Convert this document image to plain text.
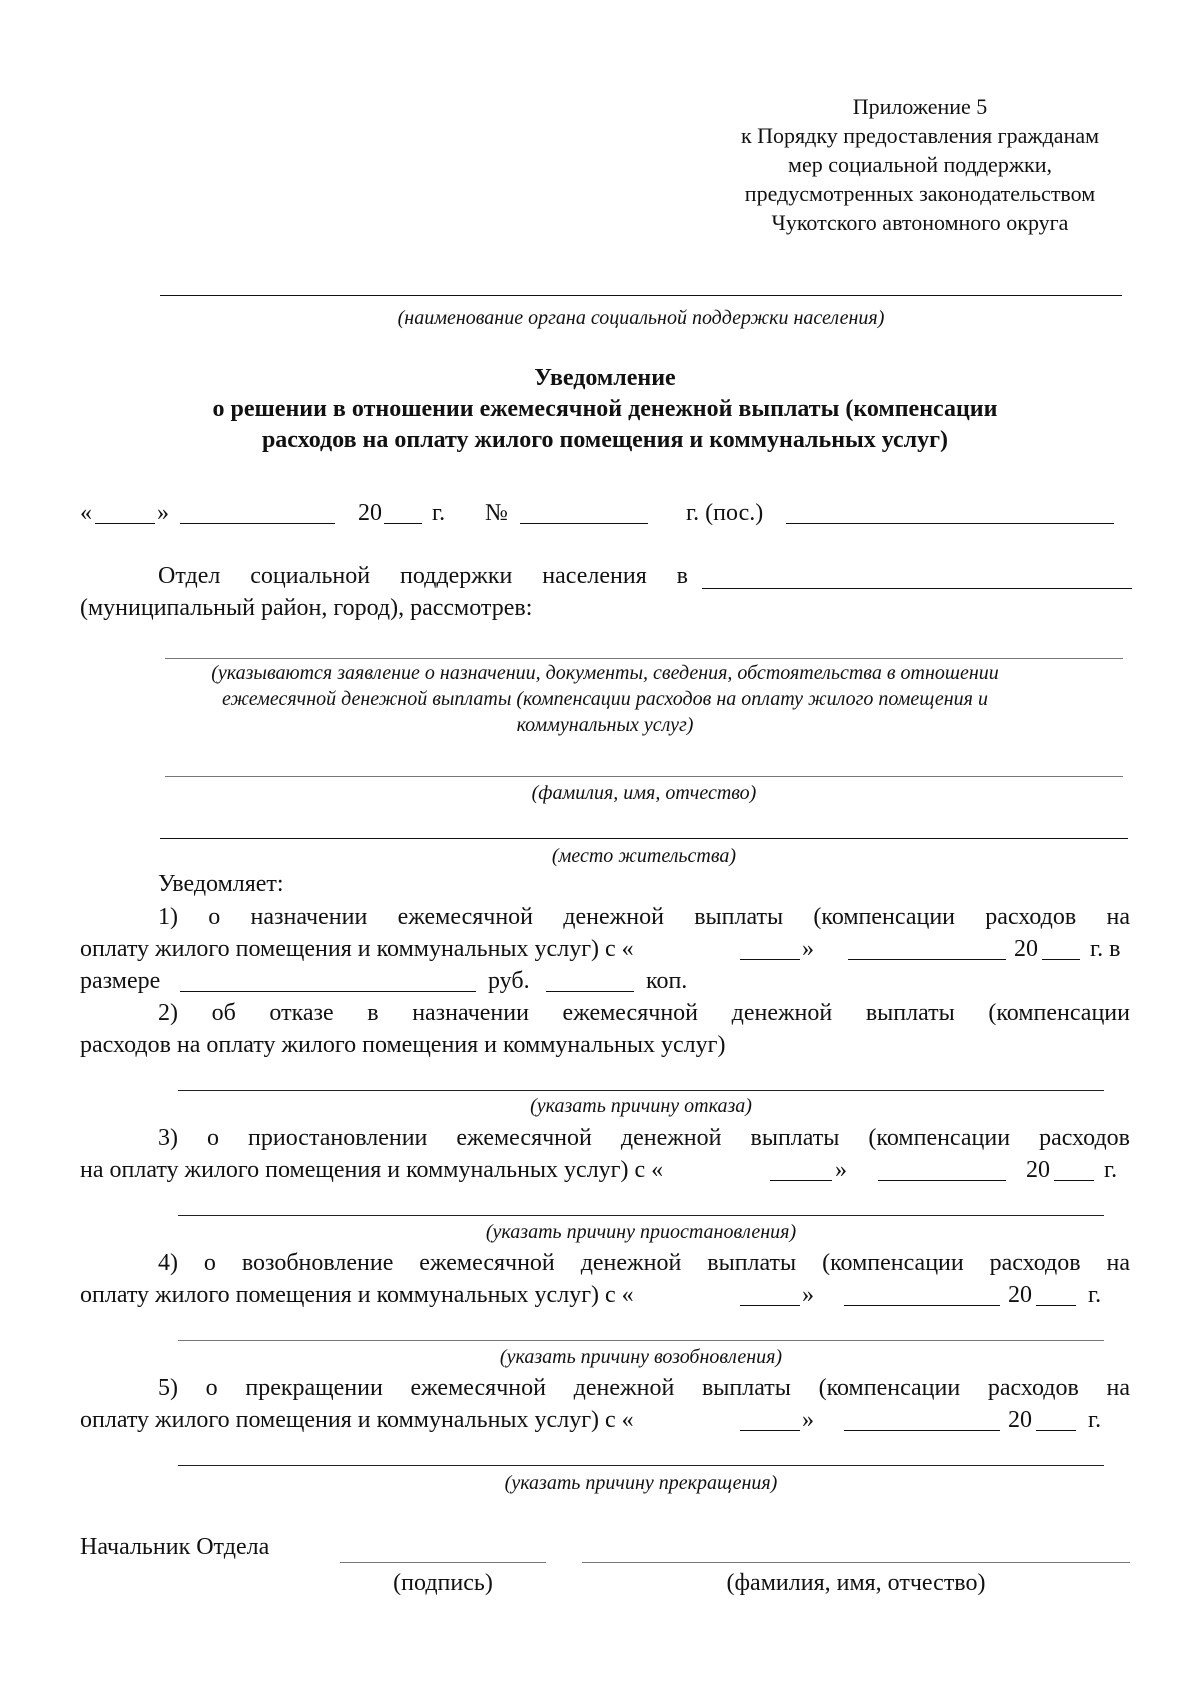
Приложение 5
к Порядку предоставления гражданам
мер социальной поддержки,
предусмотренных законодательством
Чукотского автономного округа
(наименование органа социальной поддержки населения)
Уведомление
о решении в отношении ежемесячной денежной выплаты (компенсации
расходов на оплату жилого помещения и коммунальных услуг)
«	»	20 г. №	г. (пос.)
Отдел социальной поддержки населения в
(муниципальный район, город), рассмотрев:
(указываются заявление о назначении, документы, сведения, обстоятельства в отношении
ежемесячной денежной выплаты (компенсации расходов на оплату жилого помещения и
коммунальных услуг)
(фамилия, имя, отчество)
(место жительства)
Уведомляет:
1) о назначении ежемесячной денежной выплаты (компенсации расходов на
оплату жилого помещения и коммунальных услуг) с «	»	20 г. в
размере	руб.	коп.
2) об отказе в назначении ежемесячной денежной выплаты (компенсации
расходов на оплату жилого помещения и коммунальных услуг)
(указать причину отказа)
3) о приостановлении ежемесячной денежной выплаты (компенсации расходов
на оплату жилого помещения и коммунальных услуг) с «	»	20 г.
(указать причину приостановления)
4) о возобновление ежемесячной денежной выплаты (компенсации расходов на
оплату жилого помещения и коммунальных услуг) с «	»	20 г.
(указать причину возобновления)
5) о прекращении ежемесячной денежной выплаты (компенсации расходов на
оплату жилого помещения и коммунальных услуг) с «	»	20 г.
(указать причину прекращения)
Начальник Отдела
(подпись)	(фамилия, имя, отчество)
